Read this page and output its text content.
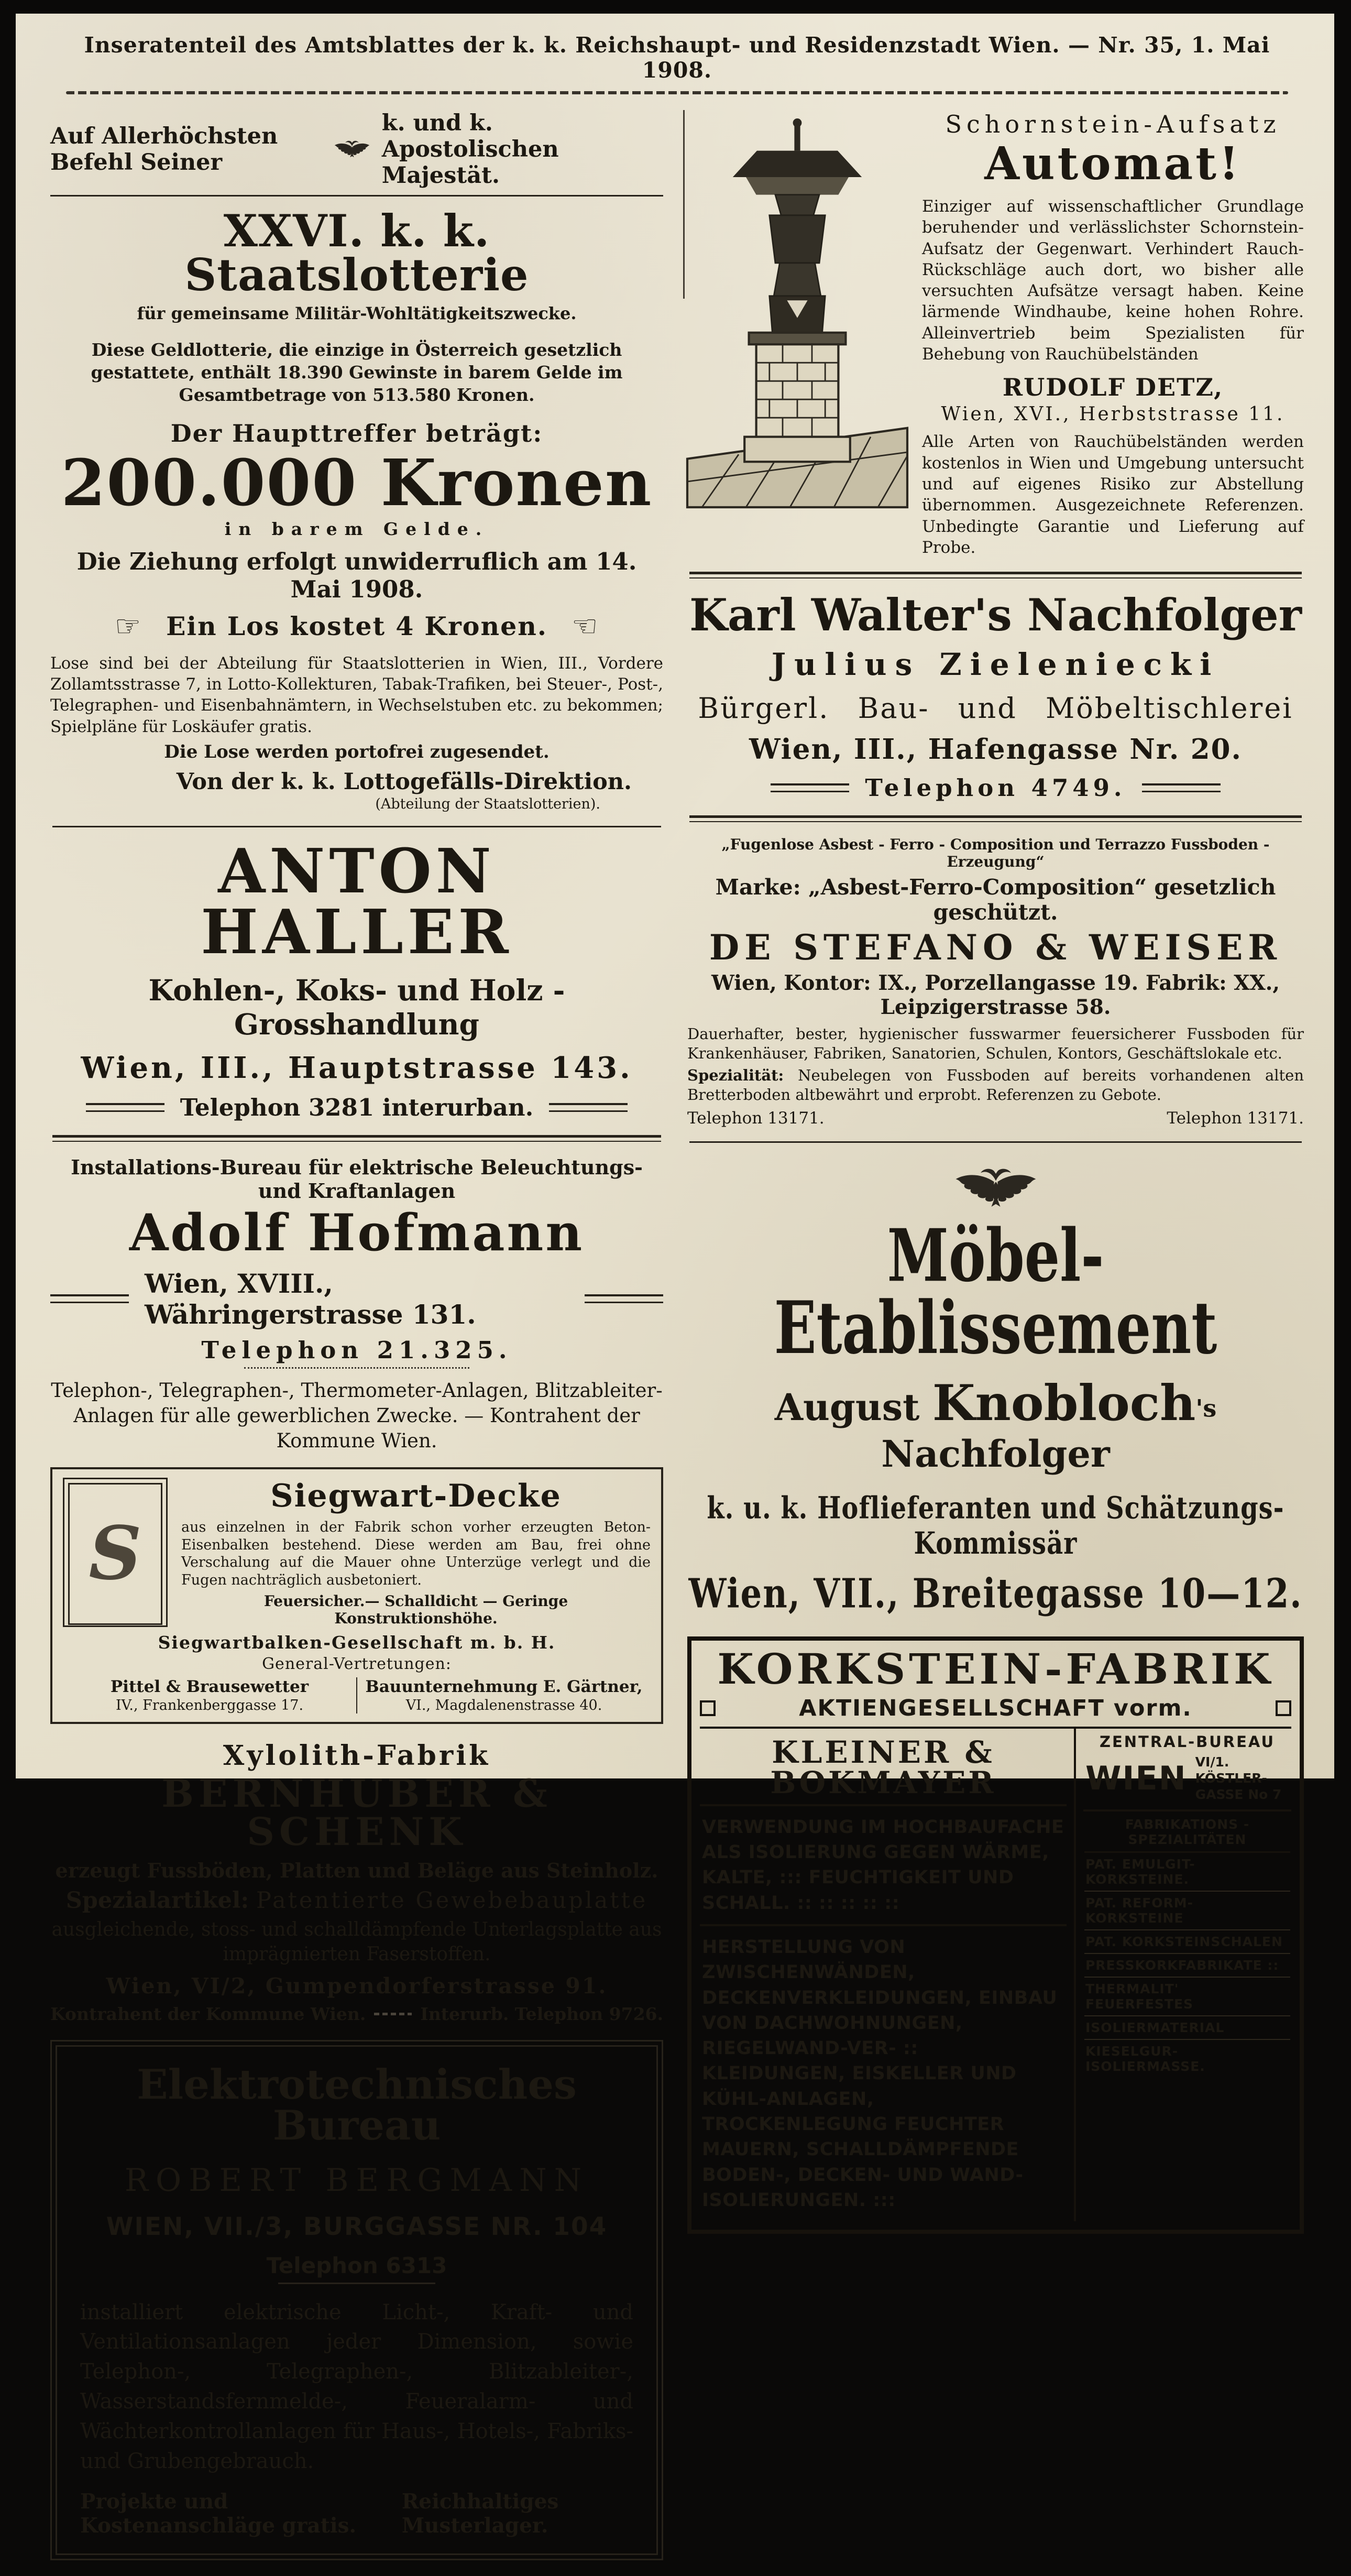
Inseratenteil des Amtsblattes der k. k. Reichshaupt- und Residenzstadt Wien. — Nr. 35, 1. Mai 1908.
Auf Allerhöchsten Befehl Seiner
k. und k. Apostolischen Majestät.
XXVI. k. k. Staatslotterie
für gemeinsame Militär-Wohltätigkeitszwecke.
Diese Geldlotterie, die einzige in Österreich gesetzlich gestattete, enthält 18.390 Gewinste in barem Gelde im Gesamtbetrage von 513.580 Kronen.
Der Haupttreffer beträgt:
200.000 Kronen
in barem Gelde.
Die Ziehung erfolgt unwiderruflich am 14. Mai 1908.
☞ Ein Los kostet 4 Kronen. ☜
Lose sind bei der Abteilung für Staatslotterien in Wien, III., Vordere Zollamtsstrasse 7, in Lotto-Kollekturen, Tabak-Trafiken, bei Steuer-, Post-, Telegraphen- und Eisenbahnämtern, in Wechselstuben etc. zu bekommen; Spielpläne für Loskäufer gratis.
Die Lose werden portofrei zugesendet.
Von der k. k. Lottogefälls-Direktion.
(Abteilung der Staatslotterien).
ANTON HALLER
Kohlen-, Koks- und Holz - Grosshandlung
Wien, III., Hauptstrasse 143.
Telephon 3281 interurban.
Installations-Bureau für elektrische Beleuchtungs- und Kraftanlagen
Adolf Hofmann
Wien, XVIII., Währingerstrasse 131.
Telephon 21.325.
Telephon-, Telegraphen-, Thermometer-Anlagen, Blitzableiter-Anlagen für alle gewerblichen Zwecke. — Kontrahent der Kommune Wien.
S
Siegwart-Decke
aus einzelnen in der Fabrik schon vorher erzeugten Beton-Eisenbalken bestehend. Diese werden am Bau, frei ohne Verschalung auf die Mauer ohne Unterzüge verlegt und die Fugen nachträglich ausbetoniert.
Feuersicher.— Schalldicht — Geringe Konstruktionshöhe.
Siegwartbalken-Gesellschaft m. b. H.
General-Vertretungen:
Pittel & Brausewetter
IV., Frankenberggasse 17.
Bauunternehmung E. Gärtner,
VI., Magdalenenstrasse 40.
Xylolith-Fabrik
BERNHUBER & SCHENK
erzeugt Fussböden, Platten und Beläge aus Steinholz.
Spezialartikel: Patentierte Gewebebauplatte
ausgleichende, stoss- und schalldämpfende Unterlagsplatte aus imprägnierten Faserstoffen.
Wien, VI/2, Gumpendorferstrasse 91.
Kontrahent der Kommune Wien.	Interurb. Telephon 9726.
Elektrotechnisches Bureau
ROBERT BERGMANN
WIEN, VII./3, BURGGASSE NR. 104
Telephon 6313
installiert elektrische Licht-, Kraft- und Ventilationsanlagen jeder Dimension, sowie Telephon-, Telegraphen-, Blitzableiter-, Wasserstandsfernmelde-, Feueralarm- und Wächterkontrollanlagen für Haus-, Hotels-, Fabriks- und Grubengebrauch.
Projekte und Kostenanschläge gratis.
Reichhaltiges Musterlager.
Schornstein-Aufsatz
Automat!
Einziger auf wissenschaftlicher Grundlage beruhender und verlässlichster Schornstein-Aufsatz der Gegenwart. Verhindert Rauch-Rückschläge auch dort, wo bisher alle versuchten Aufsätze versagt haben. Keine lärmende Windhaube, keine hohen Rohre. Alleinvertrieb beim Spezialisten für Behebung von Rauchübelständen
RUDOLF DETZ,
Wien, XVI., Herbststrasse 11.
Alle Arten von Rauchübelständen werden kostenlos in Wien und Umgebung untersucht und auf eigenes Risiko zur Abstellung übernommen. Ausgezeichnete Referenzen. Unbedingte Garantie und Lieferung auf Probe.
Karl Walter's Nachfolger
Julius Zieleniecki
Bürgerl. Bau- und Möbeltischlerei
Wien, III., Hafengasse Nr. 20.
Telephon 4749.
„Fugenlose Asbest - Ferro - Composition und Terrazzo Fussboden - Erzeugung“
Marke: „Asbest-Ferro-Composition“ gesetzlich geschützt.
DE STEFANO & WEISER
Wien, Kontor: IX., Porzellangasse 19. Fabrik: XX., Leipzigerstrasse 58.
Dauerhafter, bester, hygienischer fusswarmer feuersicherer Fussboden für Krankenhäuser, Fabriken, Sanatorien, Schulen, Kontors, Geschäftslokale etc.
Spezialität: Neubelegen von Fussboden auf bereits vorhandenen alten Bretterboden altbewährt und erprobt. Referenzen zu Gebote.
Telephon 13171.	Telephon 13171.
Möbel-Etablissement
August Knobloch's Nachfolger
k. u. k. Hoflieferanten und Schätzungs-Kommissär
Wien, VII., Breitegasse 10—12.
KORKSTEIN-FABRIK
AKTIENGESELLSCHAFT vorm.
KLEINER & BOKMAYER
VERWENDUNG IM HOCHBAUFACHE ALS ISOLIERUNG GEGEN WÄRME, KALTE, ::: FEUCHTIGKEIT UND SCHALL. :: :: :: :: ::
HERSTELLUNG VON ZWISCHENWÄNDEN, DECKENVERKLEIDUNGEN, EINBAU VON DACHWOHNUNGEN, RIEGELWAND-VER- :: KLEIDUNGEN, EISKELLER UND KÜHL-ANLAGEN, TROCKENLEGUNG FEUCHTER MAUERN, SCHALLDÄMPFENDE BODEN-, DECKEN- UND WAND-ISOLIERUNGEN. :::
ZENTRAL-BUREAU
WIEN VI/1. KÖSTLER-
GASSE No 7
FABRIKATIONS - SPEZIALITÄTEN
PAT. EMULGIT-KORKSTEINE.
PAT. REFORM-KORKSTEINE
PAT. KORKSTEINSCHALEN
PRESSKORKFABRIKATE ::
THERMALIT' FEUERFESTES
ISOLIERMATERIAL
KIESELGUR-ISOLIERMASSE.
